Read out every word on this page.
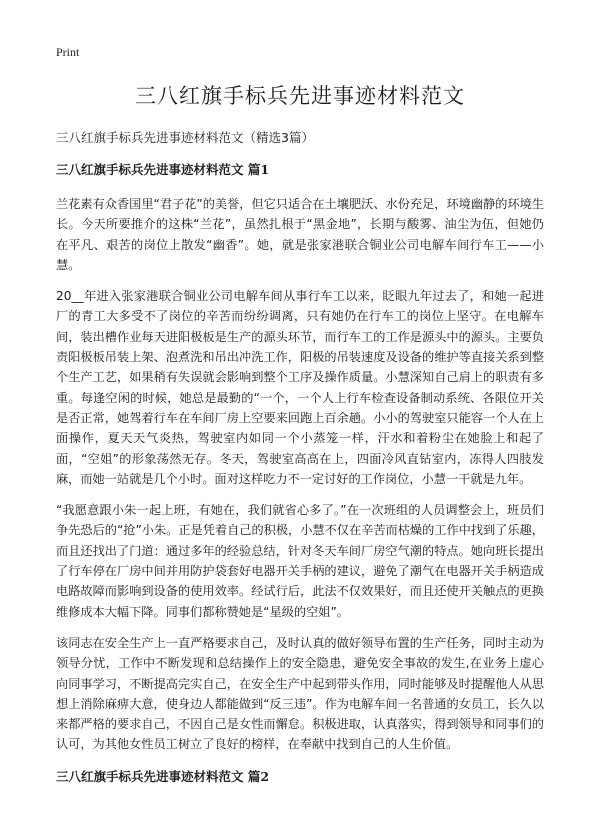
Print
三八红旗手标兵先进事迹材料范文

三八红旗手标兵先进事迹材料范文（精选3篇）

三八红旗手标兵先进事迹材料范文 篇1

兰花素有众香国里“君子花”的美誉，但它只适合在土壤肥沃、水份充足，环境幽静的环境生长。今天所要推介的这株“兰花”，虽然扎根于“黑金地”，长期与酸雾、油尘为伍，但她仍在平凡、艰苦的岗位上散发“幽香”。她，就是张家港联合铜业公司电解车间行车工——小慧。

20__年进入张家港联合铜业公司电解车间从事行车工以来，眨眼九年过去了，和她一起进厂的青工大多受不了岗位的辛苦而纷纷调离，只有她仍在行车工的岗位上坚守。在电解车间，装出槽作业每天进阳极板是生产的源头环节，而行车工的工作是源头中的源头。主要负责阳极板吊装上架、泡煮洗和吊出冲洗工作，阳极的吊装速度及设备的维护等直接关系到整个生产工艺，如果稍有失误就会影响到整个工序及操作质量。小慧深知自己肩上的职责有多重。每逢空闲的时候，她总是最勤的“一个，一个人上行车检查设备制动系统、各限位开关是否正常，她驾着行车在车间厂房上空要来回跑上百余趟。小小的驾驶室只能容一个人在上面操作，夏天天气炎热，驾驶室内如同一个小蒸笼一样，汗水和着粉尘在她脸上和起了面，“空姐”的形象荡然无存。冬天，驾驶室高高在上，四面冷风直钻室内，冻得人四肢发麻，而她一站就是几个小时。面对这样吃力不一定讨好的工作岗位，小慧一干就是九年。

“我愿意跟小朱一起上班，有她在，我们就省心多了。”在一次班组的人员调整会上，班员们争先恐后的“抢”小朱。正是凭着自己的积极，小慧不仅在辛苦而枯燥的工作中找到了乐趣，而且还找出了门道：通过多年的经验总结，针对冬天车间厂房空气潮的特点。她向班长提出了行车停在厂房中间并用防护袋套好电器开关手柄的建议，避免了潮气在电器开关手柄造成电路故障而影响到设备的使用效率。经试行后，此法不仅效果好，而且还使开关触点的更换维修成本大幅下降。同事们都称赞她是“星级的空姐”。

该同志在安全生产上一直严格要求自己，及时认真的做好领导布置的生产任务，同时主动为领导分忧，工作中不断发现和总结操作上的安全隐患，避免安全事故的发生,在业务上虚心向同事学习，不断提高完实自己，在安全生产中起到带头作用，同时能够及时提醒他人从思想上消除麻痹大意，使身边人都能做到“反三违”。作为电解车间一名普通的女员工，长久以来都严格的要求自己，不因自己是女性而懈怠。积极进取，认真落实，得到领导和同事们的认可，为其他女性员工树立了良好的榜样，在奉献中找到自己的人生价值。

三八红旗手标兵先进事迹材料范文 篇2
